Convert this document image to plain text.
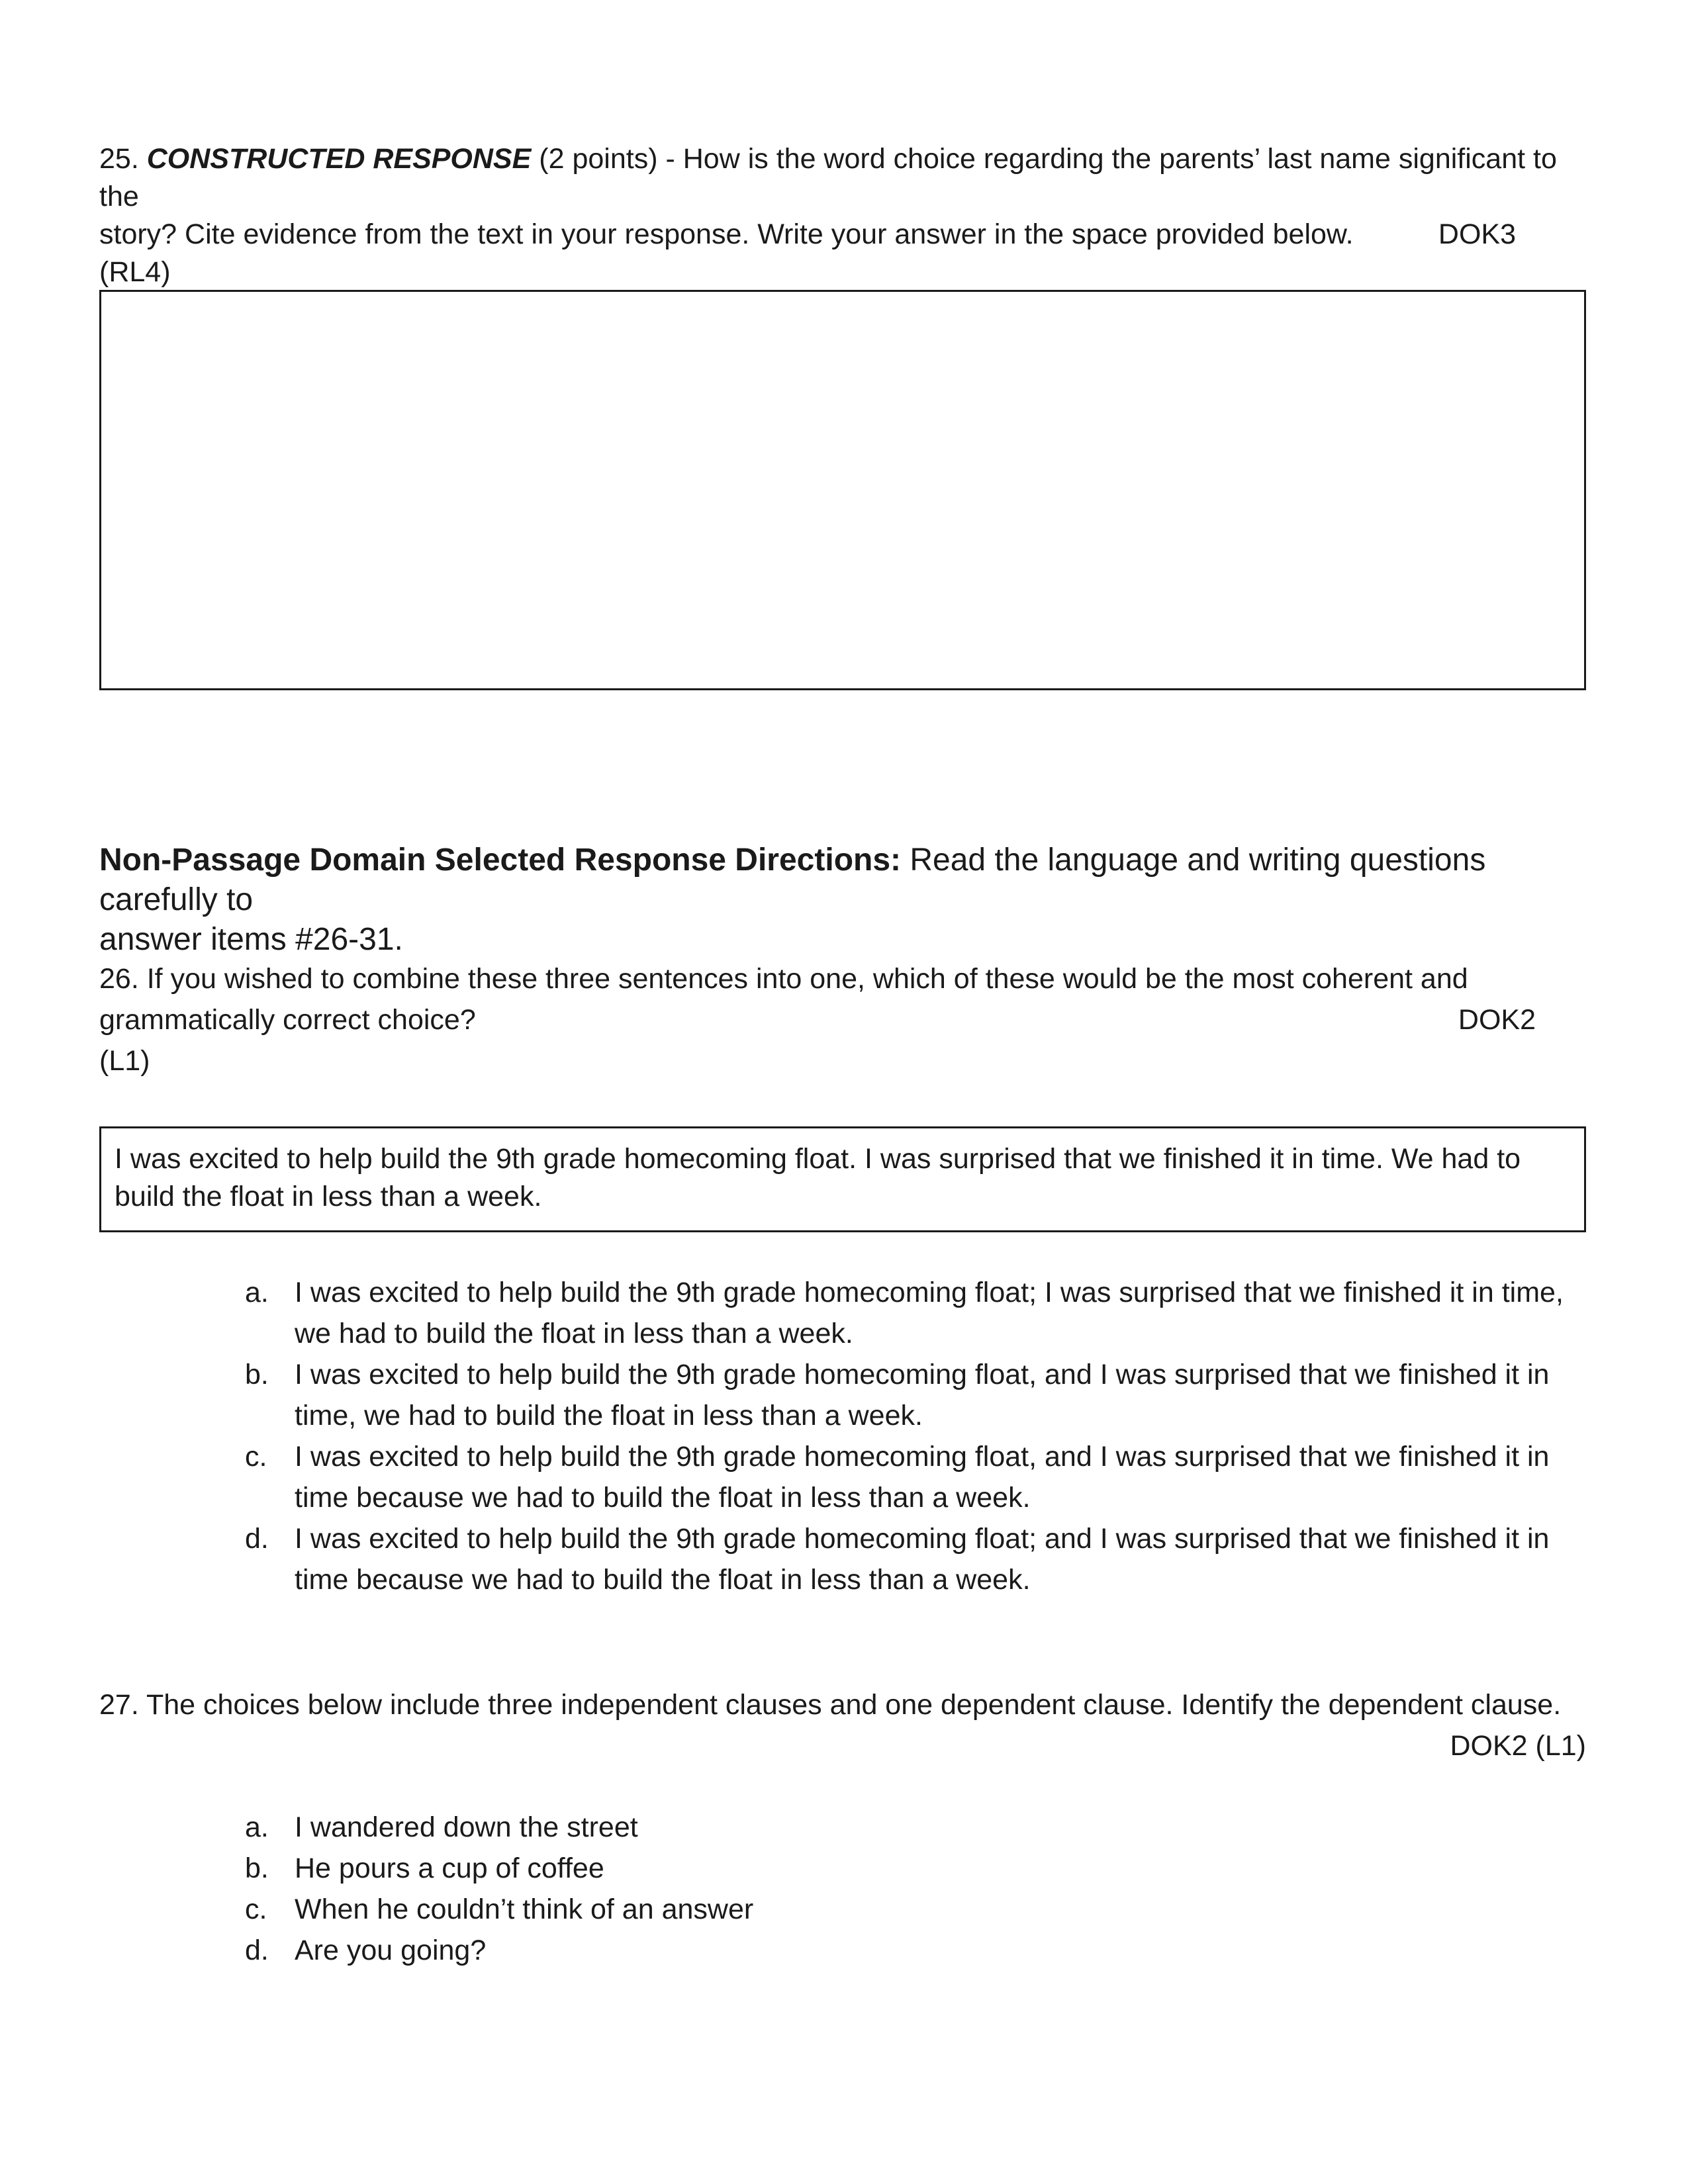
25. CONSTRUCTED RESPONSE (2 points) - How is the word choice regarding the parents’ last name significant to the
story? Cite evidence from the text in your response. Write your answer in the space provided below.	DOK3
(RL4)
Non-Passage Domain Selected Response Directions: Read the language and writing questions carefully to
answer items #26-31.
26. If you wished to combine these three sentences into one, which of these would be the most coherent and
grammatically correct choice?	DOK2
(L1)
I was excited to help build the 9th grade homecoming float. I was surprised that we finished it in time. We had to
build the float in less than a week.
a. I was excited to help build the 9th grade homecoming float; I was surprised that we finished it in time,
we had to build the float in less than a week.
b. I was excited to help build the 9th grade homecoming float, and I was surprised that we finished it in
time, we had to build the float in less than a week.
c. I was excited to help build the 9th grade homecoming float, and I was surprised that we finished it in
time because we had to build the float in less than a week.
d. I was excited to help build the 9th grade homecoming float; and I was surprised that we finished it in
time because we had to build the float in less than a week.
27. The choices below include three independent clauses and one dependent clause. Identify the dependent clause.
DOK2 (L1)
a. I wandered down the street
b. He pours a cup of coffee
c. When he couldn’t think of an answer
d. Are you going?
